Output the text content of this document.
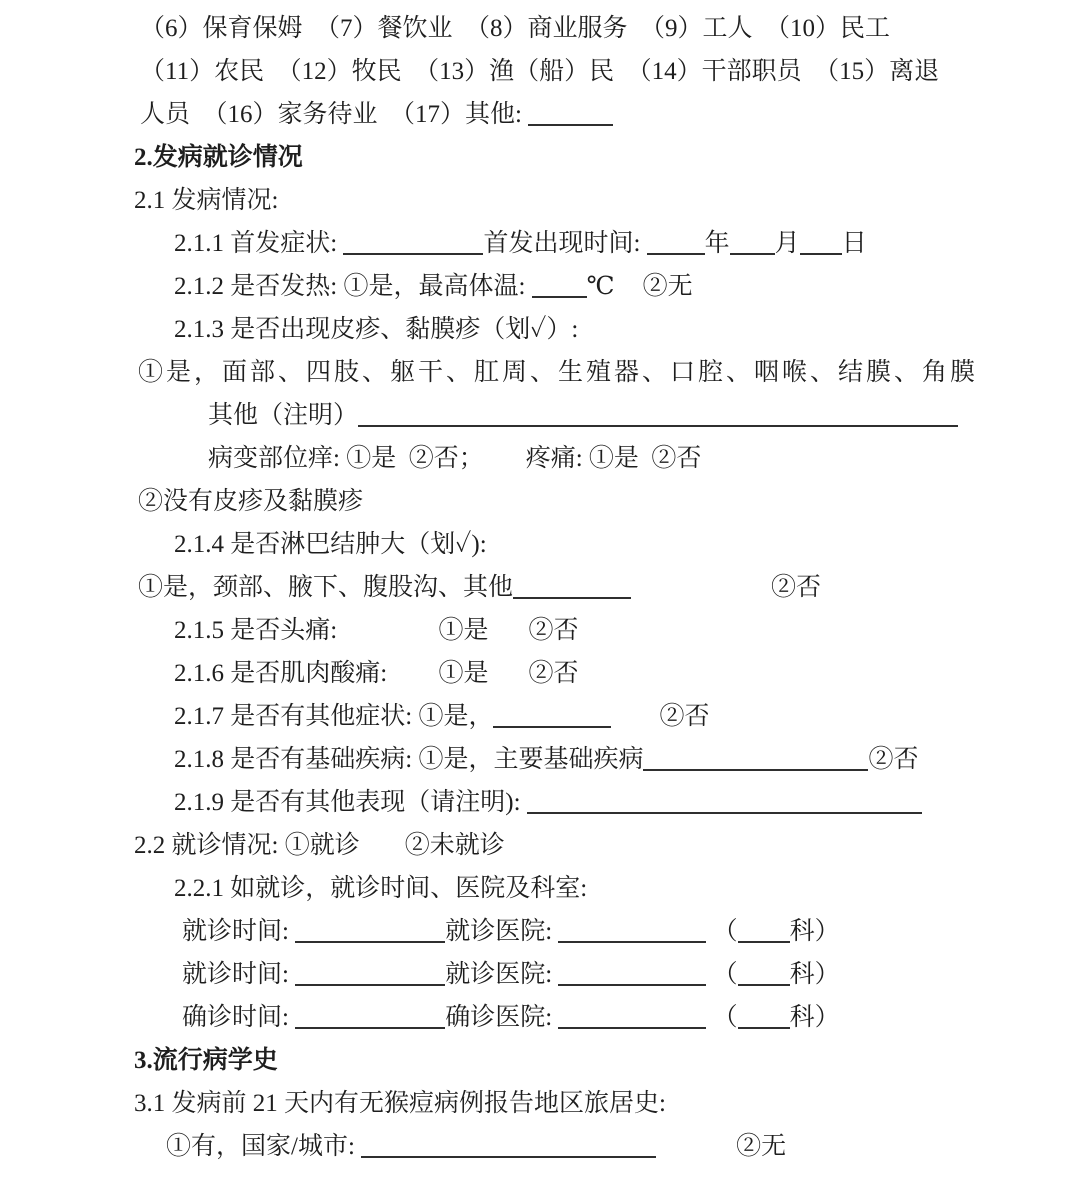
（6）保育保姆  （7）餐饮业  （8）商业服务  （9）工人  （10）民工
（11）农民  （12）牧民  （13）渔（船）民  （14）干部职员  （15）离退
人员  （16）家务待业  （17）其他:
2.发病就诊情况
2.1 发病情况:
2.1.1 首发症状:	首发出现时间: 年 月 日
2.1.2 是否发热: ①是，最高体温: ℃ ②无
2.1.3 是否出现皮疹、黏膜疹（划✓）:
①是，面部、四肢、躯干、肛周、生殖器、口腔、咽喉、结膜、角膜
其他（注明）
病变部位痒: ①是  ②否； 疼痛: ①是  ②否
②没有皮疹及黏膜疹
2.1.4 是否淋巴结肿大（划✓):
①是，颈部、腋下、腹股沟、其他	②否
2.1.5 是否头痛:	①是 ②否
2.1.6 是否肌肉酸痛: ①是 ②否
2.1.7 是否有其他症状: ①是，	②否
2.1.8 是否有基础疾病: ①是，主要基础疾病	②否
2.1.9 是否有其他表现（请注明):
2.2 就诊情况: ①就诊 ②未就诊
2.2.1 如就诊，就诊时间、医院及科室:
就诊时间:	就诊医院:	（ 科）
就诊时间:	就诊医院:	（ 科）
确诊时间:	确诊医院:	（ 科）
3.流行病学史
3.1 发病前 21 天内有无猴痘病例报告地区旅居史:
①有，国家/城市:	②无
